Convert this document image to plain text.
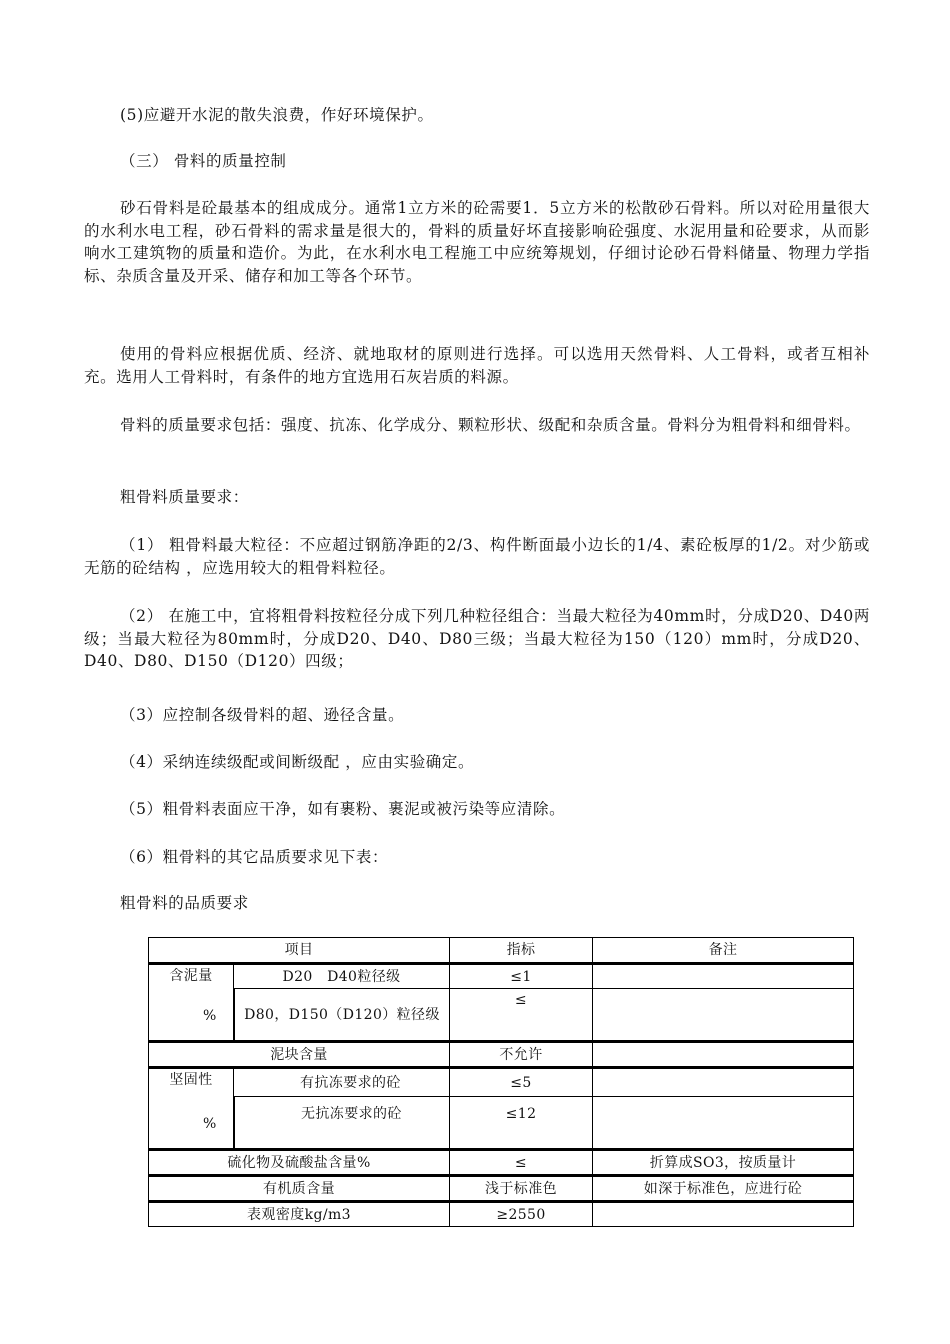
(5)应避开水泥的散失浪费，作好环境保护。

（三） 骨料的质量控制

砂石骨料是砼最基本的组成成分。通常1立方米的砼需要1．5立方米的松散砂石骨料。所以对砼用量很大的水利水电工程，砂石骨料的需求量是很大的，骨料的质量好坏直接影响砼强度、水泥用量和砼要求，从而影响水工建筑物的质量和造价。为此，在水利水电工程施工中应统筹规划，仔细讨论砂石骨料储量、物理力学指标、杂质含量及开采、储存和加工等各个环节。

使用的骨料应根据优质、经济、就地取材的原则进行选择。可以选用天然骨料、人工骨料，或者互相补充。选用人工骨料时，有条件的地方宜选用石灰岩质的料源。

骨料的质量要求包括：强度、抗冻、化学成分、颗粒形状、级配和杂质含量。骨料分为粗骨料和细骨料。

粗骨料质量要求：

（1） 粗骨料最大粒径：不应超过钢筋净距的2/3、构件断面最小边长的1/4、素砼板厚的1/2。对少筋或无筋的砼结构 ，应选用较大的粗骨料粒径。

（2） 在施工中，宜将粗骨料按粒径分成下列几种粒径组合：当最大粒径为40mm时，分成D20、D40两级；当最大粒径为80mm时，分成D20、D40、D80三级；当最大粒径为150（120）mm时，分成D20、D40、D80、D150（D120）四级；

（3）应控制各级骨料的超、逊径含量。

（4）采纳连续级配或间断级配 ，应由实验确定。

（5）粗骨料表面应干净，如有裹粉、裹泥或被污染等应清除。

（6）粗骨料的其它品质要求见下表：

粗骨料的品质要求

项目		指标	备注
含泥量
%	D20　D40粒径级	≤1	
	D80，D150（D120）粒径级	≤	
泥块含量		不允许	
坚固性
%	有抗冻要求的砼	≤5	
	无抗冻要求的砼	≤12	
硫化物及硫酸盐含量%		≤	折算成SO3，按质量计
有机质含量		浅于标准色	如深于标准色，应进行砼
表观密度kg/m3		≥2550	
